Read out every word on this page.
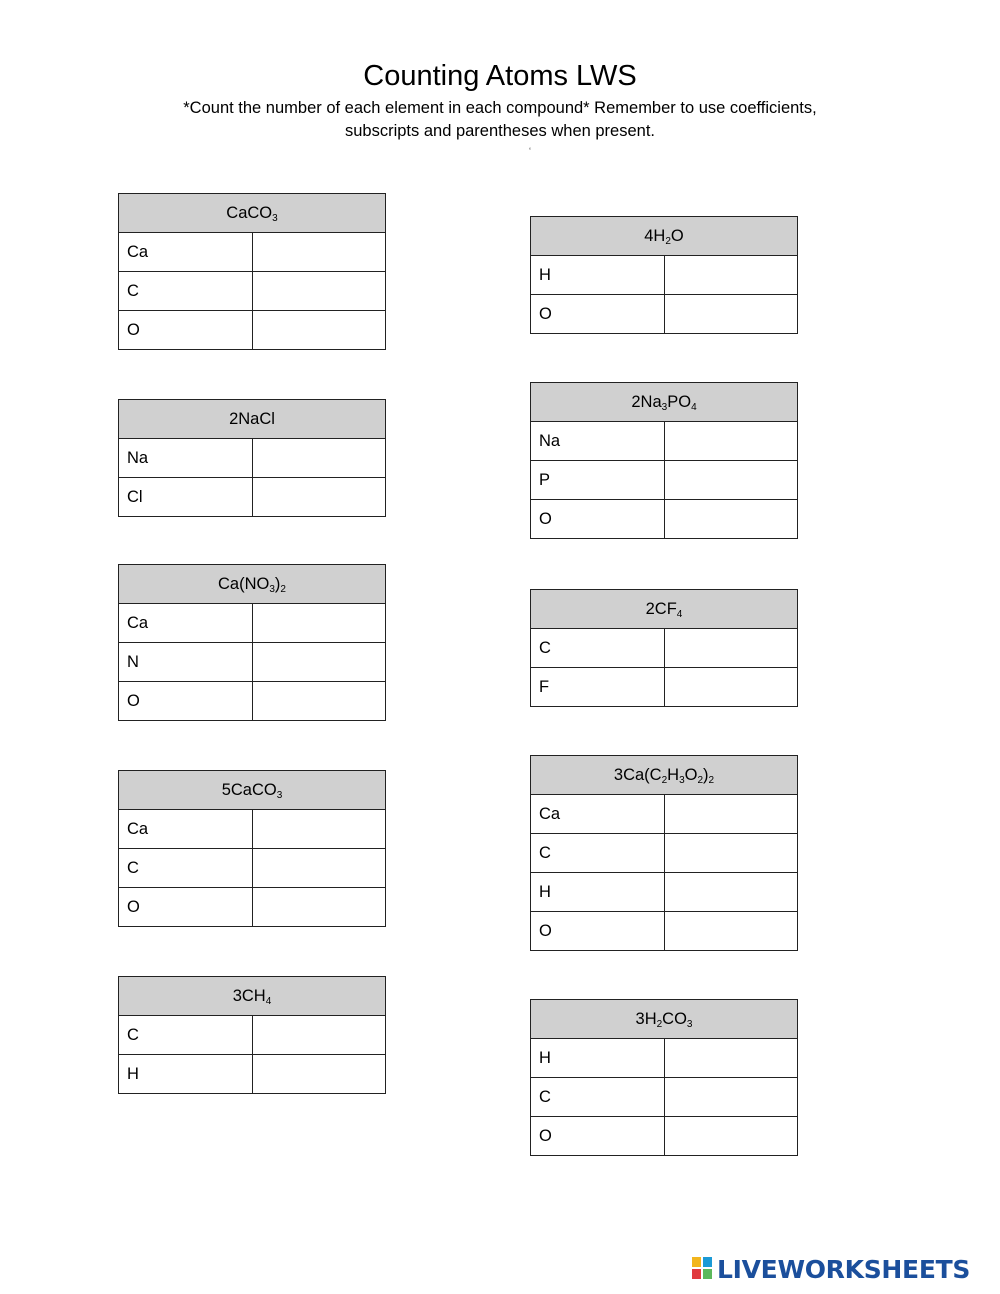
Counting Atoms LWS
*Count the number of each element in each compound* Remember to use coefficients,
subscripts and parentheses when present.
‘
CaCO$_3$
Ca	
C	
O	
$4H_2O$	
H	
O	
2NaCl	
Na	
Cl	
$2Na_3PO_4$
Na	
P	
O	
$Ca(NO_3)_2$
Ca	
N	
O	
$2CF_4$
C	
F	
5CaCO$_3$
Ca	
C	
O	
$3Ca(C_2H_3O_2)_2$
Ca	
C	
H	
O	
$3CH_4$
C	
H	
$3H_2CO_3$
H	
C	
O	
LIVEWORKSHEETS
